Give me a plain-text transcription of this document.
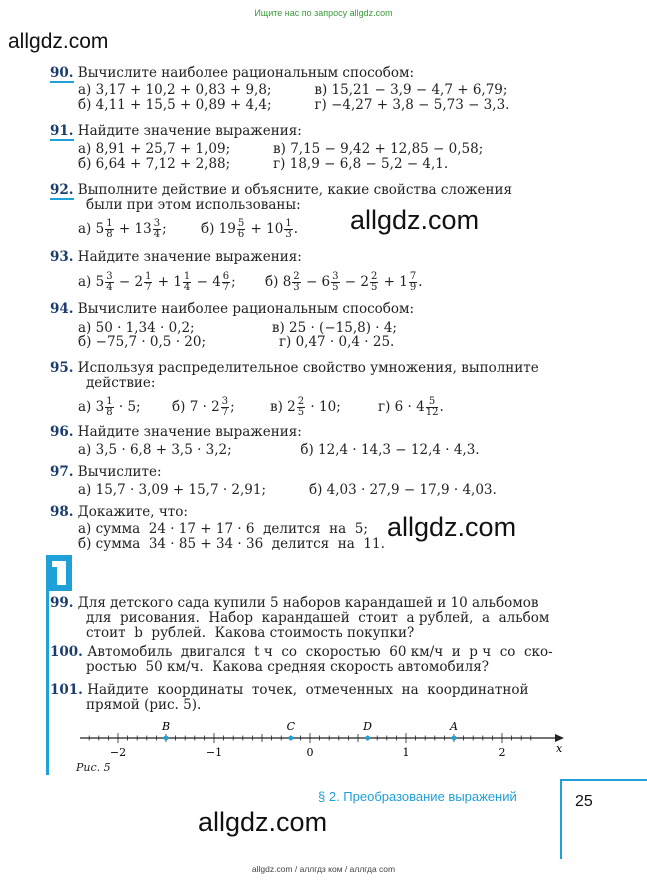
Ищите нас по запросу allgdz.com
allgdz.com
allgdz.com
allgdz.com
allgdz.com
90. Вычислите наиболее рациональным способом:
а) 3,17 + 10,2 + 0,83 + 9,8;          в) 15,21 − 3,9 − 4,7 + 6,79;
б) 4,11 + 15,5 + 0,89 + 4,4;          г) −4,27 + 3,8 − 5,73 − 3,3.
91. Найдите значение выражения:
а) 8,91 + 25,7 + 1,09;          в) 7,15 − 9,42 + 12,85 − 0,58;
б) 6,64 + 7,12 + 2,88;          г) 18,9 − 6,8 − 5,2 − 4,1.
92. Выполните действие и объясните, какие свойства сложения
были при этом использованы:
93. Найдите значение выражения:
94. Вычислите наиболее рациональным способом:
а) 50 · 1,34 · 0,2;                  в) 25 · (−15,8) · 4;
б) −75,7 · 0,5 · 20;                 г) 0,47 · 0,4 · 25.
95. Используя распределительное свойство умножения, выполните
действие:
96. Найдите значение выражения:
а) 3,5 · 6,8 + 3,5 · 3,2;                б) 12,4 · 14,3 − 12,4 · 4,3.
97. Вычислите:
а) 15,7 · 3,09 + 15,7 · 2,91;          б) 4,03 · 27,9 − 17,9 · 4,03.
98. Докажите, что:
а) сумма  24 · 17 + 17 · 6  делится  на  5;
б) сумма  34 · 85 + 34 · 36  делится  на  11.
99. Для детского сада купили 5 наборов карандашей и 10 альбомов
для  рисования.  Набор  карандашей  стоит  a рублей,  а  альбом
стоит  b  рублей.  Какова стоимость покупки?
100. Автомобиль  двигался  t ч  со  скоростью  60 км/ч  и  p ч  со  ско-
ростью  50 км/ч.  Какова средняя скорость автомобиля?
101. Найдите  координаты  точек,  отмеченных  на  координатной
прямой (рис. 5).
а) $5 \frac{1}{8} + 13 \frac{3}{4}$ ;	б) $19 \frac{5}{6} + 10 \frac{1}{3}$ .
а) $5 \frac{3}{4} - 2 \frac{1}{7} + 1 \frac{1}{4} - 4 \frac{6}{7}$ ; б) $8 \frac{2}{3} - 6 \frac{3}{5} - 2 \frac{2}{5} + 1 \frac{7}{9}$ .
а) $3 \frac{1}{8} \cdot 5$; б) $7 \cdot 2 \frac{3}{7}$ ;	в) $2 \frac{2}{5} \cdot 10$;	г) $6 \cdot 4 \frac{5}{12}$ .
−2	−1	0	1	2
B	C	D	A
x
Рис. 5
§ 2. Преобразование выражений	25
allgdz.com / аллгдз ком / аллгда com
